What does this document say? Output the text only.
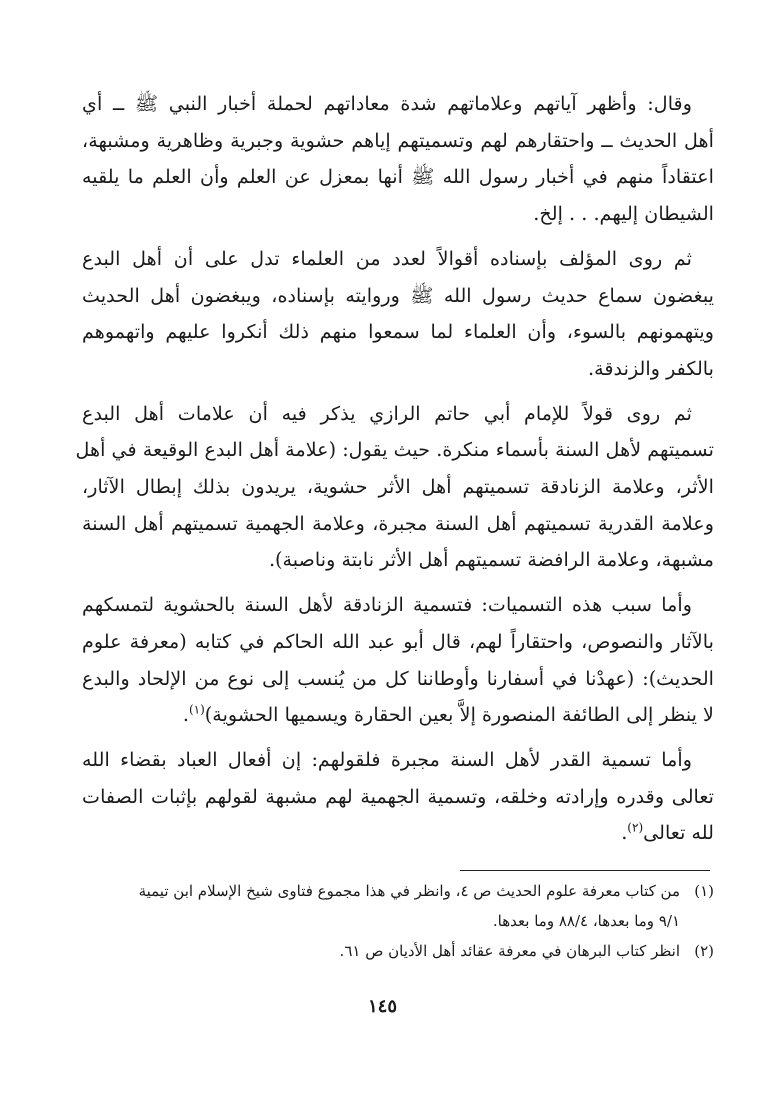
وقال: وأظهر آياتهم وعلاماتهم شدة معاداتهم لحملة أخبار النبي ﷺ ــ أي
أهل الحديث ــ واحتقارهم لهم وتسميتهم إياهم حشوية وجبرية وظاهرية ومشبهة،
اعتقاداً منهم في أخبار رسول الله ﷺ أنها بمعزل عن العلم وأن العلم ما يلقيه
الشيطان إليهم. . . إلخ.
ثم روى المؤلف بإسناده أقوالاً لعدد من العلماء تدل على أن أهل البدع
يبغضون سماع حديث رسول الله ﷺ وروايته بإسناده، ويبغضون أهل الحديث
ويتهمونهم بالسوء، وأن العلماء لما سمعوا منهم ذلك أنكروا عليهم واتهموهم
بالكفر والزندقة.
ثم روى قولاً للإمام أبي حاتم الرازي يذكر فيه أن علامات أهل البدع
تسميتهم لأهل السنة بأسماء منكرة. حيث يقول: (علامة أهل البدع الوقيعة في أهل
الأثر، وعلامة الزنادقة تسميتهم أهل الأثر حشوية، يريدون بذلك إبطال الآثار،
وعلامة القدرية تسميتهم أهل السنة مجبرة، وعلامة الجهمية تسميتهم أهل السنة
مشبهة، وعلامة الرافضة تسميتهم أهل الأثر نابتة وناصبة).
وأما سبب هذه التسميات: فتسمية الزنادقة لأهل السنة بالحشوية لتمسكهم
بالآثار والنصوص، واحتقاراً لهم، قال أبو عبد الله الحاكم في كتابه (معرفة علوم
الحديث): (عهدْنا في أسفارنا وأوطاننا كل من يُنسب إلى نوع من الإلحاد والبدع
لا ينظر إلى الطائفة المنصورة إلاَّ بعين الحقارة ويسميها الحشوية)$^{(١)}$.
وأما تسمية القدر لأهل السنة مجبرة فلقولهم: إن أفعال العباد بقضاء الله
تعالى وقدره وإرادته وخلقه، وتسمية الجهمية لهم مشبهة لقولهم بإثبات الصفات
لله تعالى$^{(٢)}$.
(١)من كتاب معرفة علوم الحديث ص ٤، وانظر في هذا مجموع فتاوى شيخ الإسلام ابن تيمية
٩/١ وما بعدها، ٨٨/٤ وما بعدها.
(٢)انظر كتاب البرهان في معرفة عقائد أهل الأديان ص ٦١.
١٤٥
